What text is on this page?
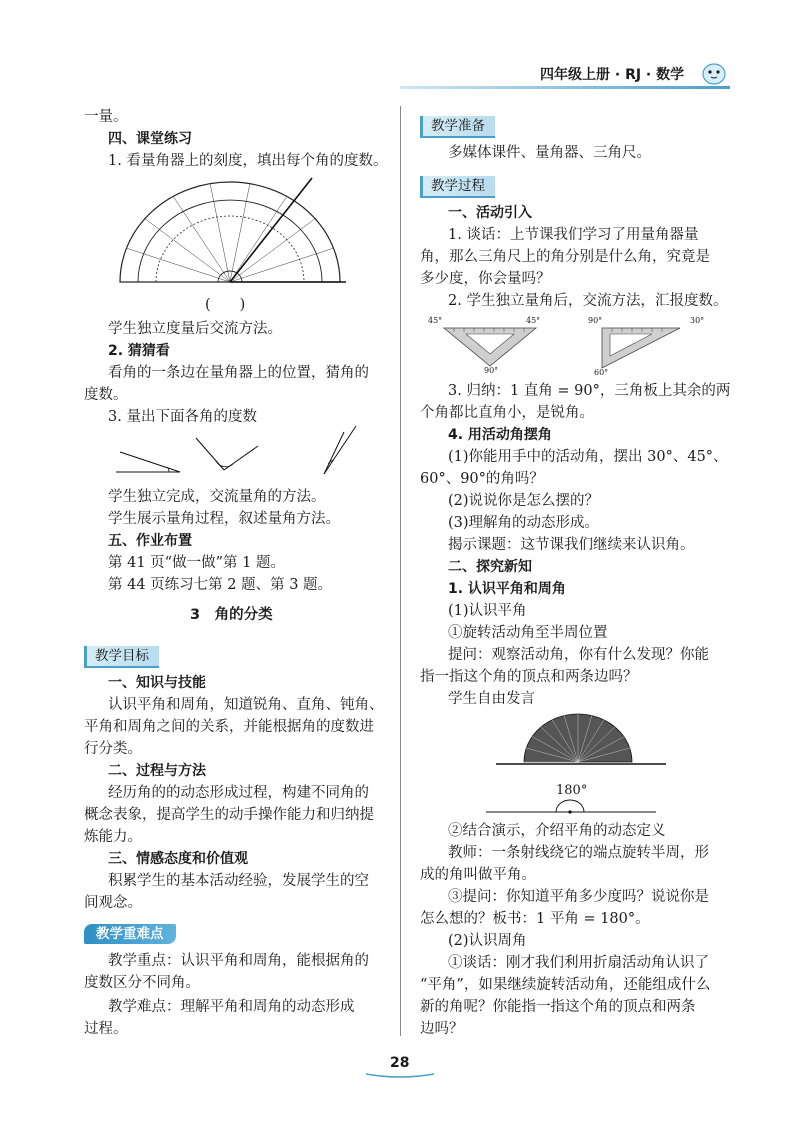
四年级上册 · RJ · 数学
一量。
四、课堂练习
1. 看量角器上的刻度，填出每个角的度数。
(　　)
学生独立度量后交流方法。
2. 猜猜看
看角的一条边在量角器上的位置，猜角的
度数。
3. 量出下面各角的度数
学生独立完成，交流量角的方法。
学生展示量角过程，叙述量角方法。
五、作业布置
第 41 页“做一做”第 1 题。
第 44 页练习七第 2 题、第 3 题。
3　角的分类
教学目标
一、知识与技能
认识平角和周角，知道锐角、直角、钝角、
平角和周角之间的关系，并能根据角的度数进
行分类。
二、过程与方法
经历角的的动态形成过程，构建不同角的
概念表象，提高学生的动手操作能力和归纳提
炼能力。
三、情感态度和价值观
积累学生的基本活动经验，发展学生的空
间观念。
教学重难点
教学重点：认识平角和周角，能根据角的
度数区分不同角。
教学难点：理解平角和周角的动态形成
过程。
教学准备
多媒体课件、量角器、三角尺。
教学过程
一、活动引入
1. 谈话：上节课我们学习了用量角器量
角，那么三角尺上的角分别是什么角，究竟是
多少度，你会量吗？
2. 学生独立量角后，交流方法，汇报度数。
45°	45°
90°
90°	30°
60°
3. 归纳：1 直角 = 90°，三角板上其余的两
个角都比直角小，是锐角。
4. 用活动角摆角
(1)你能用手中的活动角，摆出 30°、45°、
60°、90°的角吗？
(2)说说你是怎么摆的？
(3)理解角的动态形成。
揭示课题：这节课我们继续来认识角。
二、探究新知
1. 认识平角和周角
(1)认识平角
①旋转活动角至半周位置
提问：观察活动角，你有什么发现？你能
指一指这个角的顶点和两条边吗？
学生自由发言
180°
②结合演示，介绍平角的动态定义
教师：一条射线绕它的端点旋转半周，形
成的角叫做平角。
③提问：你知道平角多少度吗？说说你是
怎么想的？板书：1 平角 = 180°。
(2)认识周角
①谈话：刚才我们利用折扇活动角认识了
“平角”，如果继续旋转活动角，还能组成什么
新的角呢？你能指一指这个角的顶点和两条
边吗？
28
